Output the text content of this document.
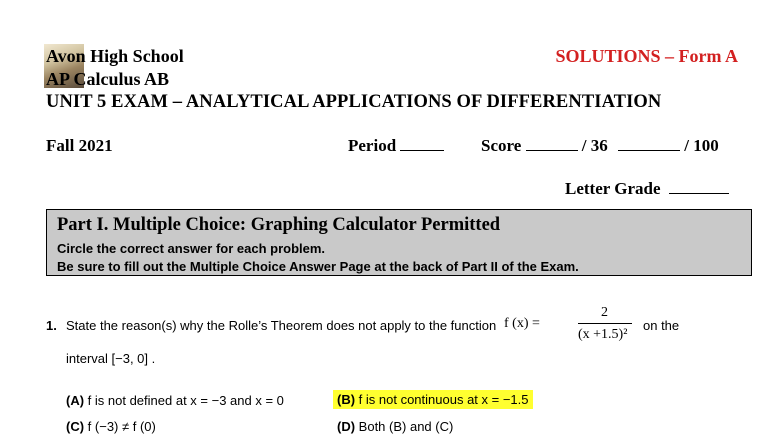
Avon High School
AP Calculus AB
SOLUTIONS – Form A
UNIT 5 EXAM – ANALYTICAL APPLICATIONS OF DIFFERENTIATION
Fall 2021	Period	Score	/ 36	/ 100
Letter Grade
Part I. Multiple Choice: Graphing Calculator Permitted
Circle the correct answer for each problem.
Be sure to fill out the Multiple Choice Answer Page at the back of Part II of the Exam.
1. State the reason(s) why the Rolle’s Theorem does not apply to the function f (x) =
2
(x +1.5)²
on the
interval [−3, 0] .
(A) f is not defined at x = −3 and x = 0	(B) f is not continuous at x = −1.5
(C) f (−3) ≠ f (0)	(D) Both (B) and (C)
